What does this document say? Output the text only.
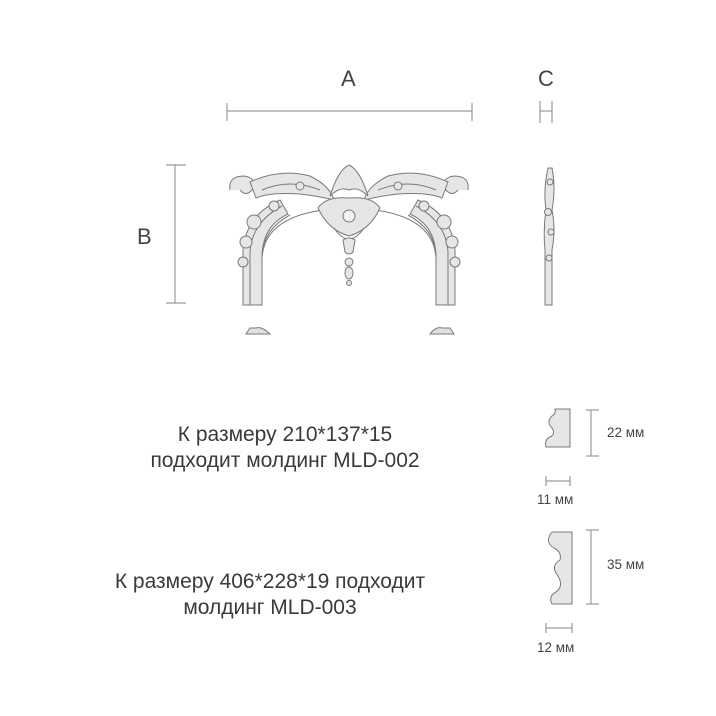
A	C
B
К размеру 210*137*15
подходит молдинг MLD-002
К размеру 406*228*19 подходит
молдинг MLD-003
22 мм
11 мм
35 мм
12 мм
